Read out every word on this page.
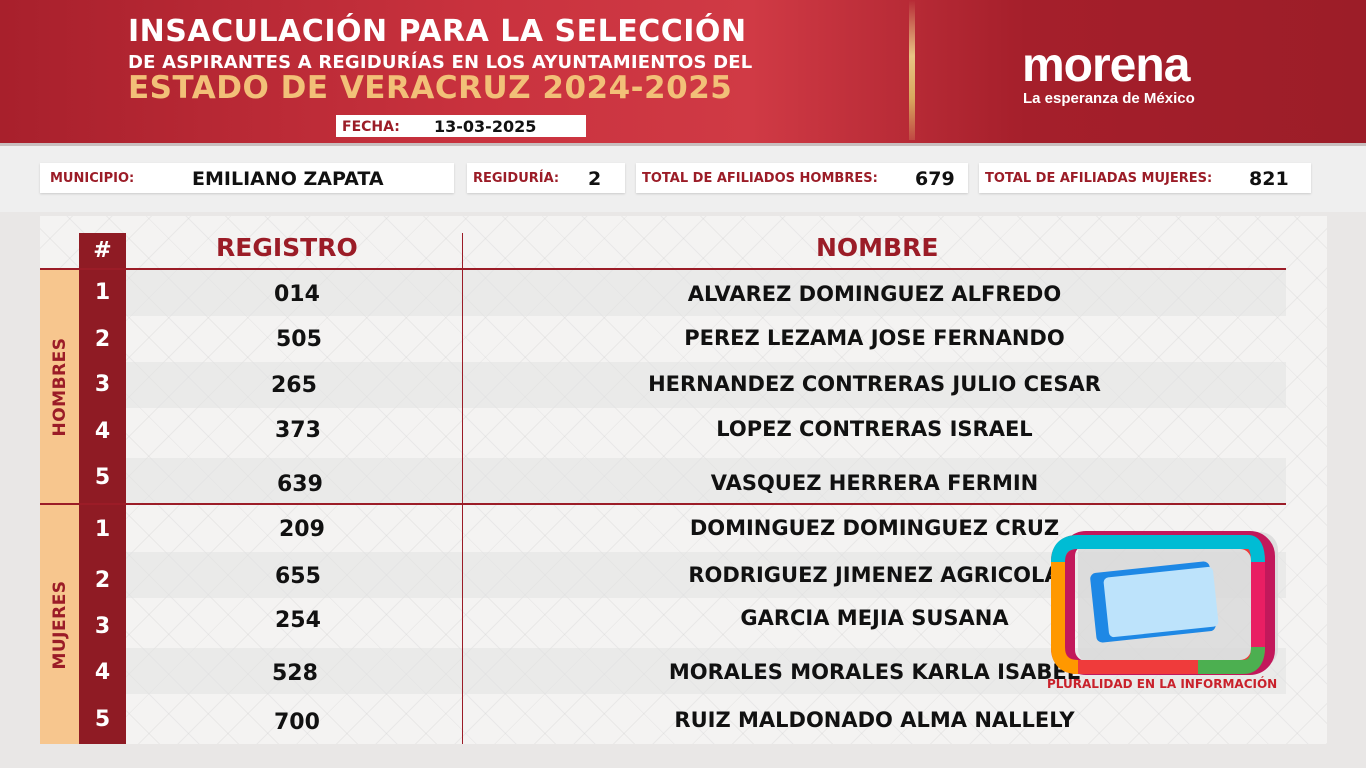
INSACULACIÓN PARA LA SELECCIÓN
DE ASPIRANTES A REGIDURÍAS EN LOS AYUNTAMIENTOS DEL
ESTADO DE VERACRUZ 2024-2025
FECHA: 13-03-2025
morena
La esperanza de México
MUNICIPIO:	EMILIANO ZAPATA	REGIDURÍA: 2	TOTAL DE AFILIADOS HOMBRES: 679 TOTAL DE AFILIADAS MUJERES: 821
#	REGISTRO	NOMBRE
HOMBRES
MUJERES
1	014	ALVAREZ DOMINGUEZ ALFREDO
2	505	PEREZ LEZAMA JOSE FERNANDO
3	265	HERNANDEZ CONTRERAS JULIO CESAR
4	373	LOPEZ CONTRERAS ISRAEL
5	639	VASQUEZ HERRERA FERMIN
1	209	DOMINGUEZ DOMINGUEZ CRUZ
2	655	RODRIGUEZ JIMENEZ AGRICOLA
3	254	GARCIA MEJIA SUSANA
4	528	MORALES MORALES KARLA ISABEL
5	700	RUIZ MALDONADO ALMA NALLELY
PLURALIDAD EN LA INFORMACIÓN
